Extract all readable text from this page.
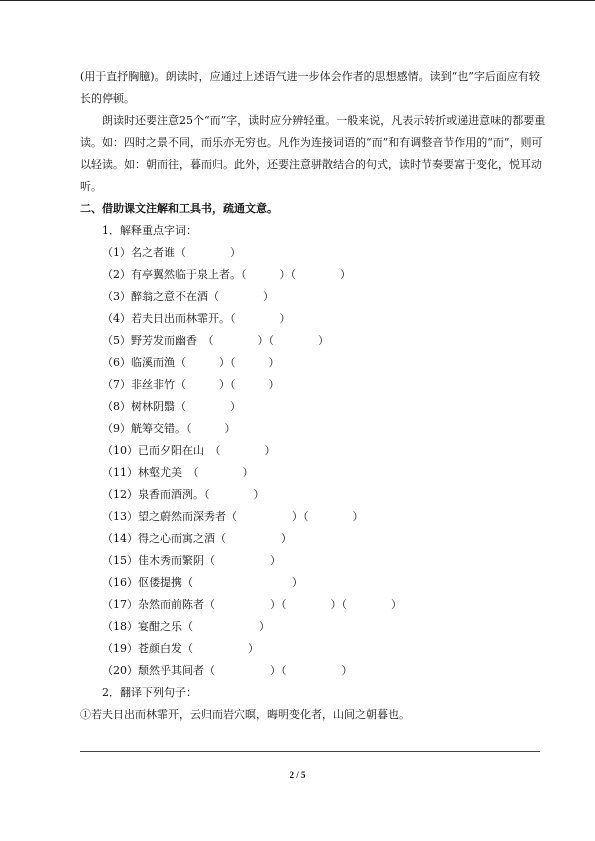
(用于直抒胸臆)。朗读时，应通过上述语气进一步体会作者的思想感情。读到“也”字后面应有较长的停顿。

朗读时还要注意25个“而”字，读时应分辨轻重。一般来说，凡表示转折或递进意味的都要重读。如：四时之景不同，而乐亦无穷也。凡作为连接词语的“而”和有调整音节作用的“而”，则可以轻读。如：朝而往，暮而归。此外，还要注意骈散结合的句式，读时节奏要富于变化，悦耳动听。

二、借助课文注解和工具书，疏通文意。

1．解释重点字词：

（1）名之者谁（　　　　）
（2）有亭翼然临于泉上者。（　　　）（　　　　）
（3）醉翁之意不在酒（　　　　）
（4）若夫日出而林霏开。（　　　　）
（5）野芳发而幽香　（　　　　）（　　　　）
（6）临溪而渔（　　　）（　　　）
（7）非丝非竹（　　　）（　　　）
（8）树林阴翳（　　　　）
（9）觥筹交错。（　　　）
（10）已而夕阳在山　（　　　　）
（11）林壑尤美　（　　　　）
（12）泉香而酒洌。（　　　　）
（13）望之蔚然而深秀者（　　　　　）（　　　　）
（14）得之心而寓之酒（　　　　　）
（15）佳木秀而繁阴（　　　　　）
（16）伛偻提携（　　　　　　　　　）
（17）杂然而前陈者（　　　　　）（　　　　）（　　　　）
（18）宴酣之乐（　　　　　　）
（19）苍颜白发（　　　　　）
（20）颓然乎其间者（　　　　　）（　　　　　）

2．翻译下列句子：

①若夫日出而林霏开，云归而岩穴暝，晦明变化者，山间之朝暮也。

2 / 5
